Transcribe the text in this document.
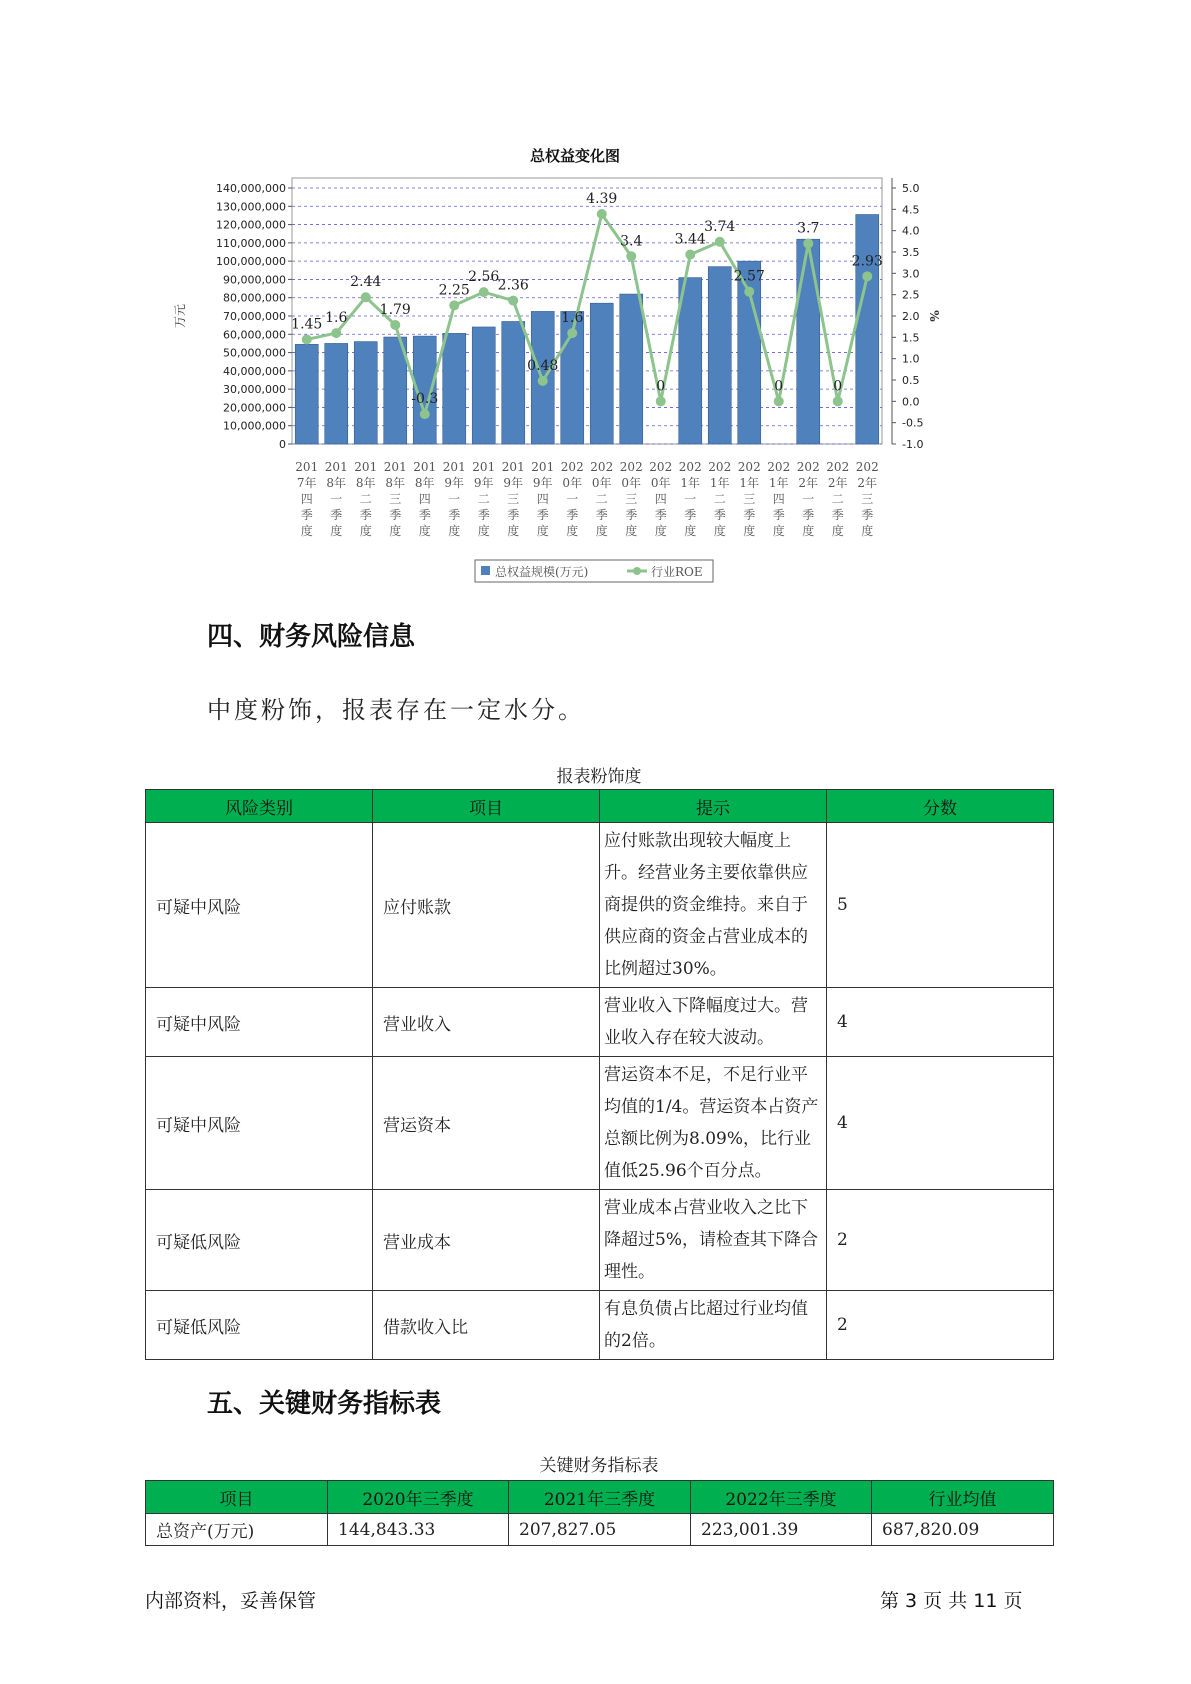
0
10,000,000
20,000,000
30,000,000
40,000,000
50,000,000
60,000,000
70,000,000
80,000,000
90,000,000
100,000,000
110,000,000
120,000,000
130,000,000
140,000,000
-1.0
-0.5
0.0
0.5
1.0
1.5
2.0
2.5
3.0
3.5
4.0
4.5
5.0
万元	%
201
7年
四
季
度
201
8年
一
季
度
201
8年
二
季
度
201
8年
三
季
度
201
8年
四
季
度
201
9年
一
季
度
201
9年
二
季
度
201
9年
三
季
度
201
9年
四
季
度
202
0年
一
季
度
202
0年
二
季
度
202
0年
三
季
度
202
0年
四
季
度
202
1年
一
季
度
202
1年
二
季
度
202
1年
三
季
度
202
1年
四
季
度
202
2年
一
季
度
202
2年
二
季
度
202
2年
三
季
度
1.45 1.6
2.44
1.79
-0.3
2.25
2.56
2.36
0.48
1.6
4.39
3.4
0
3.44
3.74
2.57
0
3.7
0
2.93
总权益规模(万元)	行业ROE
总权益变化图
四、财务风险信息
中度粉饰，报表存在一定水分。
报表粉饰度
风险类别	项目	提示	分数
可疑中风险	应付账款	应付账款出现较大幅度上升。经营业务主要依靠供应商提供的资金维持。来自于供应商的资金占营业成本的比例超过30%。	5
可疑中风险	营业收入	营业收入下降幅度过大。营业收入存在较大波动。	4
可疑中风险	营运资本	营运资本不足，不足行业平均值的1/4。营运资本占资产总额比例为8.09%，比行业值低25.96个百分点。	4
可疑低风险	营业成本	营业成本占营业收入之比下降超过5%，请检查其下降合理性。	2
可疑低风险	借款收入比	有息负债占比超过行业均值的2倍。	2
五、关键财务指标表
关键财务指标表
项目	2020年三季度	2021年三季度	2022年三季度	行业均值
总资产(万元)	144,843.33	207,827.05	223,001.39	687,820.09
内部资料，妥善保管	第 3 页 共 11 页
